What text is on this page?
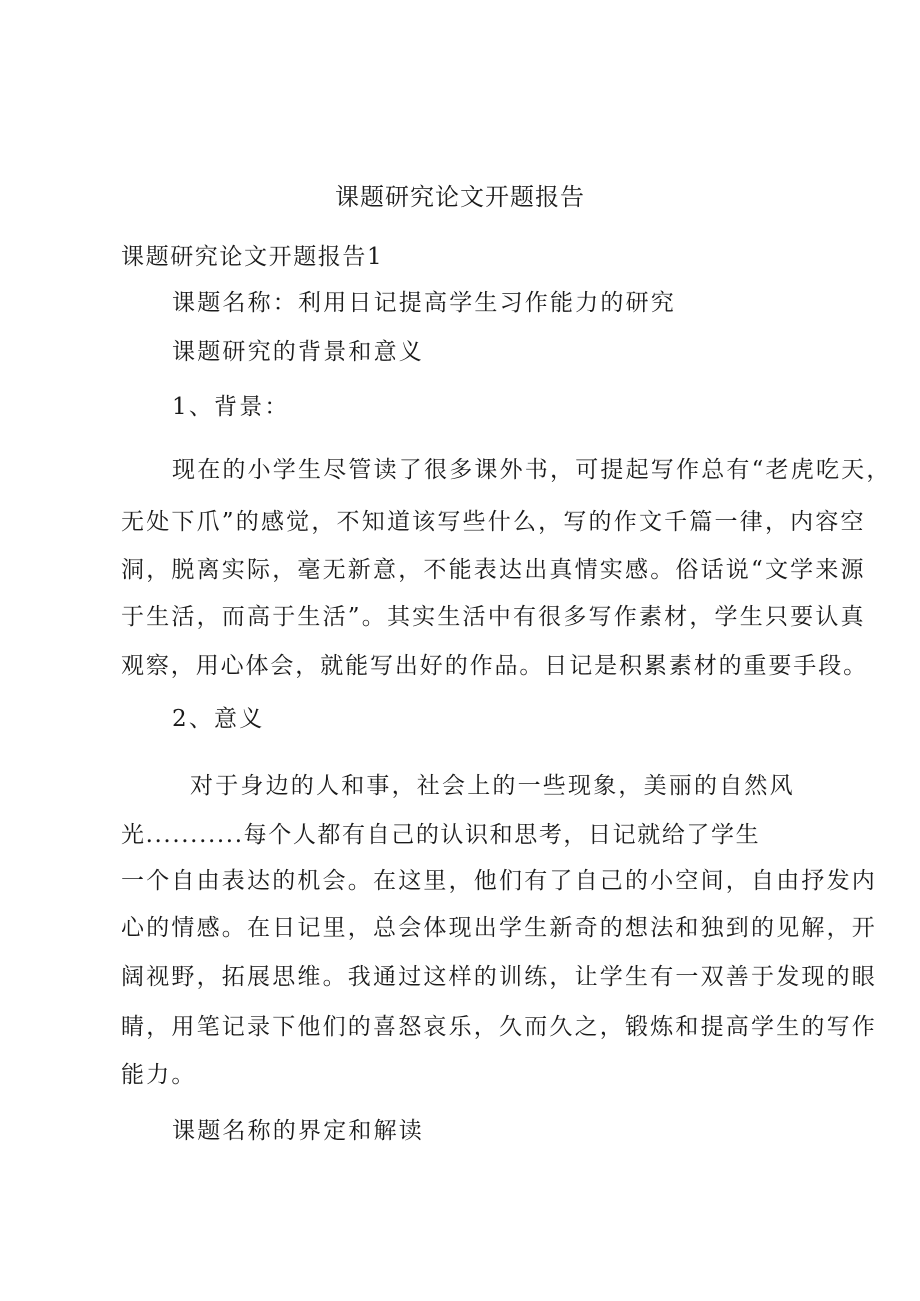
课题研究论文开题报告

课题研究论文开题报告1

课题名称：利用日记提高学生习作能力的研究

课题研究的背景和意义

1、背景：

现在的小学生尽管读了很多课外书，可提起写作总有“老虎吃天，

无处下爪”的感觉，不知道该写些什么，写的作文千篇一律，内容空

洞，脱离实际，毫无新意，不能表达出真情实感。俗话说“文学来源

于生活，而高于生活”。其实生活中有很多写作素材，学生只要认真

观察，用心体会，就能写出好的作品。日记是积累素材的重要手段。

2、意义

对于身边的人和事，社会上的一些现象，美丽的自然风

光...........每个人都有自己的认识和思考，日记就给了学生

一个自由表达的机会。在这里，他们有了自己的小空间，自由抒发内

心的情感。在日记里，总会体现出学生新奇的想法和独到的见解，开

阔视野，拓展思维。我通过这样的训练，让学生有一双善于发现的眼

睛，用笔记录下他们的喜怒哀乐，久而久之，锻炼和提高学生的写作

能力。

课题名称的界定和解读
